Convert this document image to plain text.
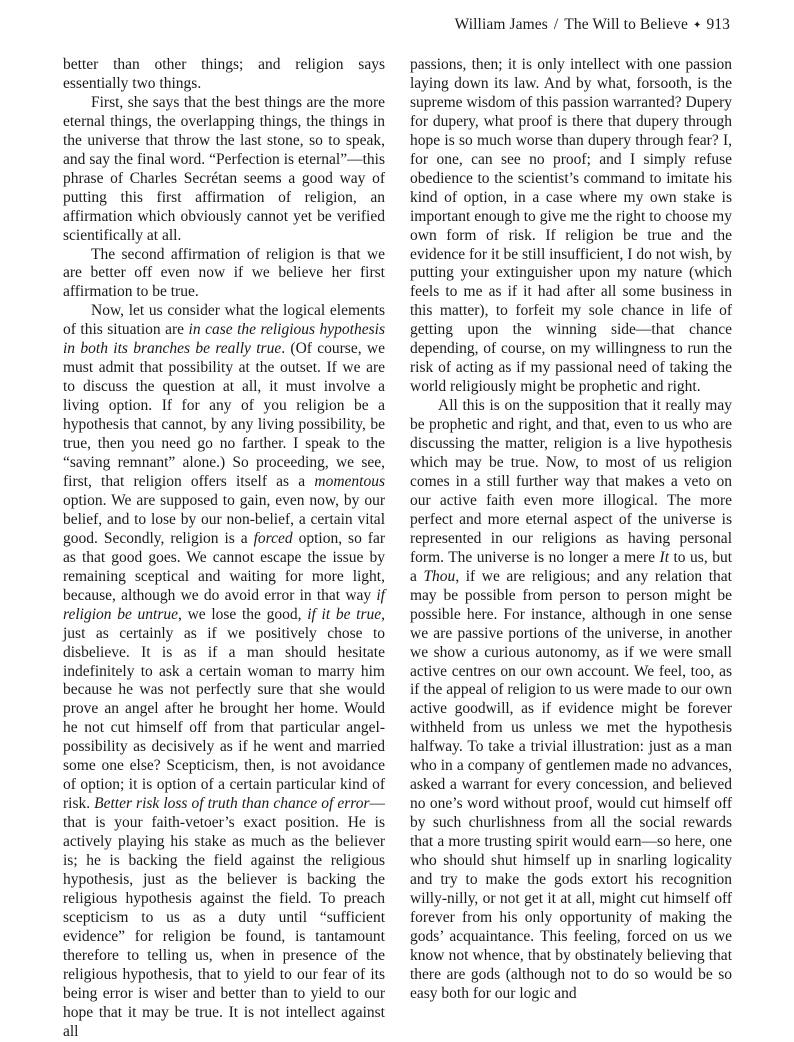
William James / The Will to Believe ✦ 913

better than other things; and religion says essentially two things.

First, she says that the best things are the more eternal things, the overlapping things, the things in the universe that throw the last stone, so to speak, and say the final word. “Perfection is eternal”—this phrase of Charles Secrétan seems a good way of putting this first affirmation of religion, an affirmation which obviously cannot yet be verified scientifically at all.

The second affirmation of religion is that we are better off even now if we believe her first affirmation to be true.

Now, let us consider what the logical elements of this situation are in case the religious hypothesis in both its branches be really true. (Of course, we must admit that possibility at the outset. If we are to discuss the question at all, it must involve a living option. If for any of you religion be a hypothesis that cannot, by any living possibility, be true, then you need go no farther. I speak to the “saving remnant” alone.) So proceeding, we see, first, that religion offers itself as a momentous option. We are supposed to gain, even now, by our belief, and to lose by our non-belief, a certain vital good. Secondly, religion is a forced option, so far as that good goes. We cannot escape the issue by remaining sceptical and waiting for more light, because, although we do avoid error in that way if religion be untrue, we lose the good, if it be true, just as certainly as if we positively chose to disbelieve. It is as if a man should hesitate indefinitely to ask a certain woman to marry him because he was not perfectly sure that she would prove an angel after he brought her home. Would he not cut himself off from that particular angel-possibility as decisively as if he went and married some one else? Scepticism, then, is not avoidance of option; it is option of a certain particular kind of risk. Better risk loss of truth than chance of error—that is your faith-vetoer’s exact position. He is actively playing his stake as much as the believer is; he is backing the field against the religious hypothesis, just as the believer is backing the religious hypothesis against the field. To preach scepticism to us as a duty until “sufficient evidence” for religion be found, is tantamount therefore to telling us, when in presence of the religious hypothesis, that to yield to our fear of its being error is wiser and better than to yield to our hope that it may be true. It is not intellect against all

passions, then; it is only intellect with one passion laying down its law. And by what, forsooth, is the supreme wisdom of this passion warranted? Dupery for dupery, what proof is there that dupery through hope is so much worse than dupery through fear? I, for one, can see no proof; and I simply refuse obedience to the scientist’s command to imitate his kind of option, in a case where my own stake is important enough to give me the right to choose my own form of risk. If religion be true and the evidence for it be still insufficient, I do not wish, by putting your extinguisher upon my nature (which feels to me as if it had after all some business in this matter), to forfeit my sole chance in life of getting upon the winning side—that chance depending, of course, on my willingness to run the risk of acting as if my passional need of taking the world religiously might be prophetic and right.

All this is on the supposition that it really may be prophetic and right, and that, even to us who are discussing the matter, religion is a live hypothesis which may be true. Now, to most of us religion comes in a still further way that makes a veto on our active faith even more illogical. The more perfect and more eternal aspect of the universe is represented in our religions as having personal form. The universe is no longer a mere It to us, but a Thou, if we are religious; and any relation that may be possible from person to person might be possible here. For instance, although in one sense we are passive portions of the universe, in another we show a curious autonomy, as if we were small active centres on our own account. We feel, too, as if the appeal of religion to us were made to our own active goodwill, as if evidence might be forever withheld from us unless we met the hypothesis halfway. To take a trivial illustration: just as a man who in a company of gentlemen made no advances, asked a warrant for every concession, and believed no one’s word without proof, would cut himself off by such churlishness from all the social rewards that a more trusting spirit would earn—so here, one who should shut himself up in snarling logicality and try to make the gods extort his recognition willy-nilly, or not get it at all, might cut himself off forever from his only opportunity of making the gods’ acquaintance. This feeling, forced on us we know not whence, that by obstinately believing that there are gods (although not to do so would be so easy both for our logic and
